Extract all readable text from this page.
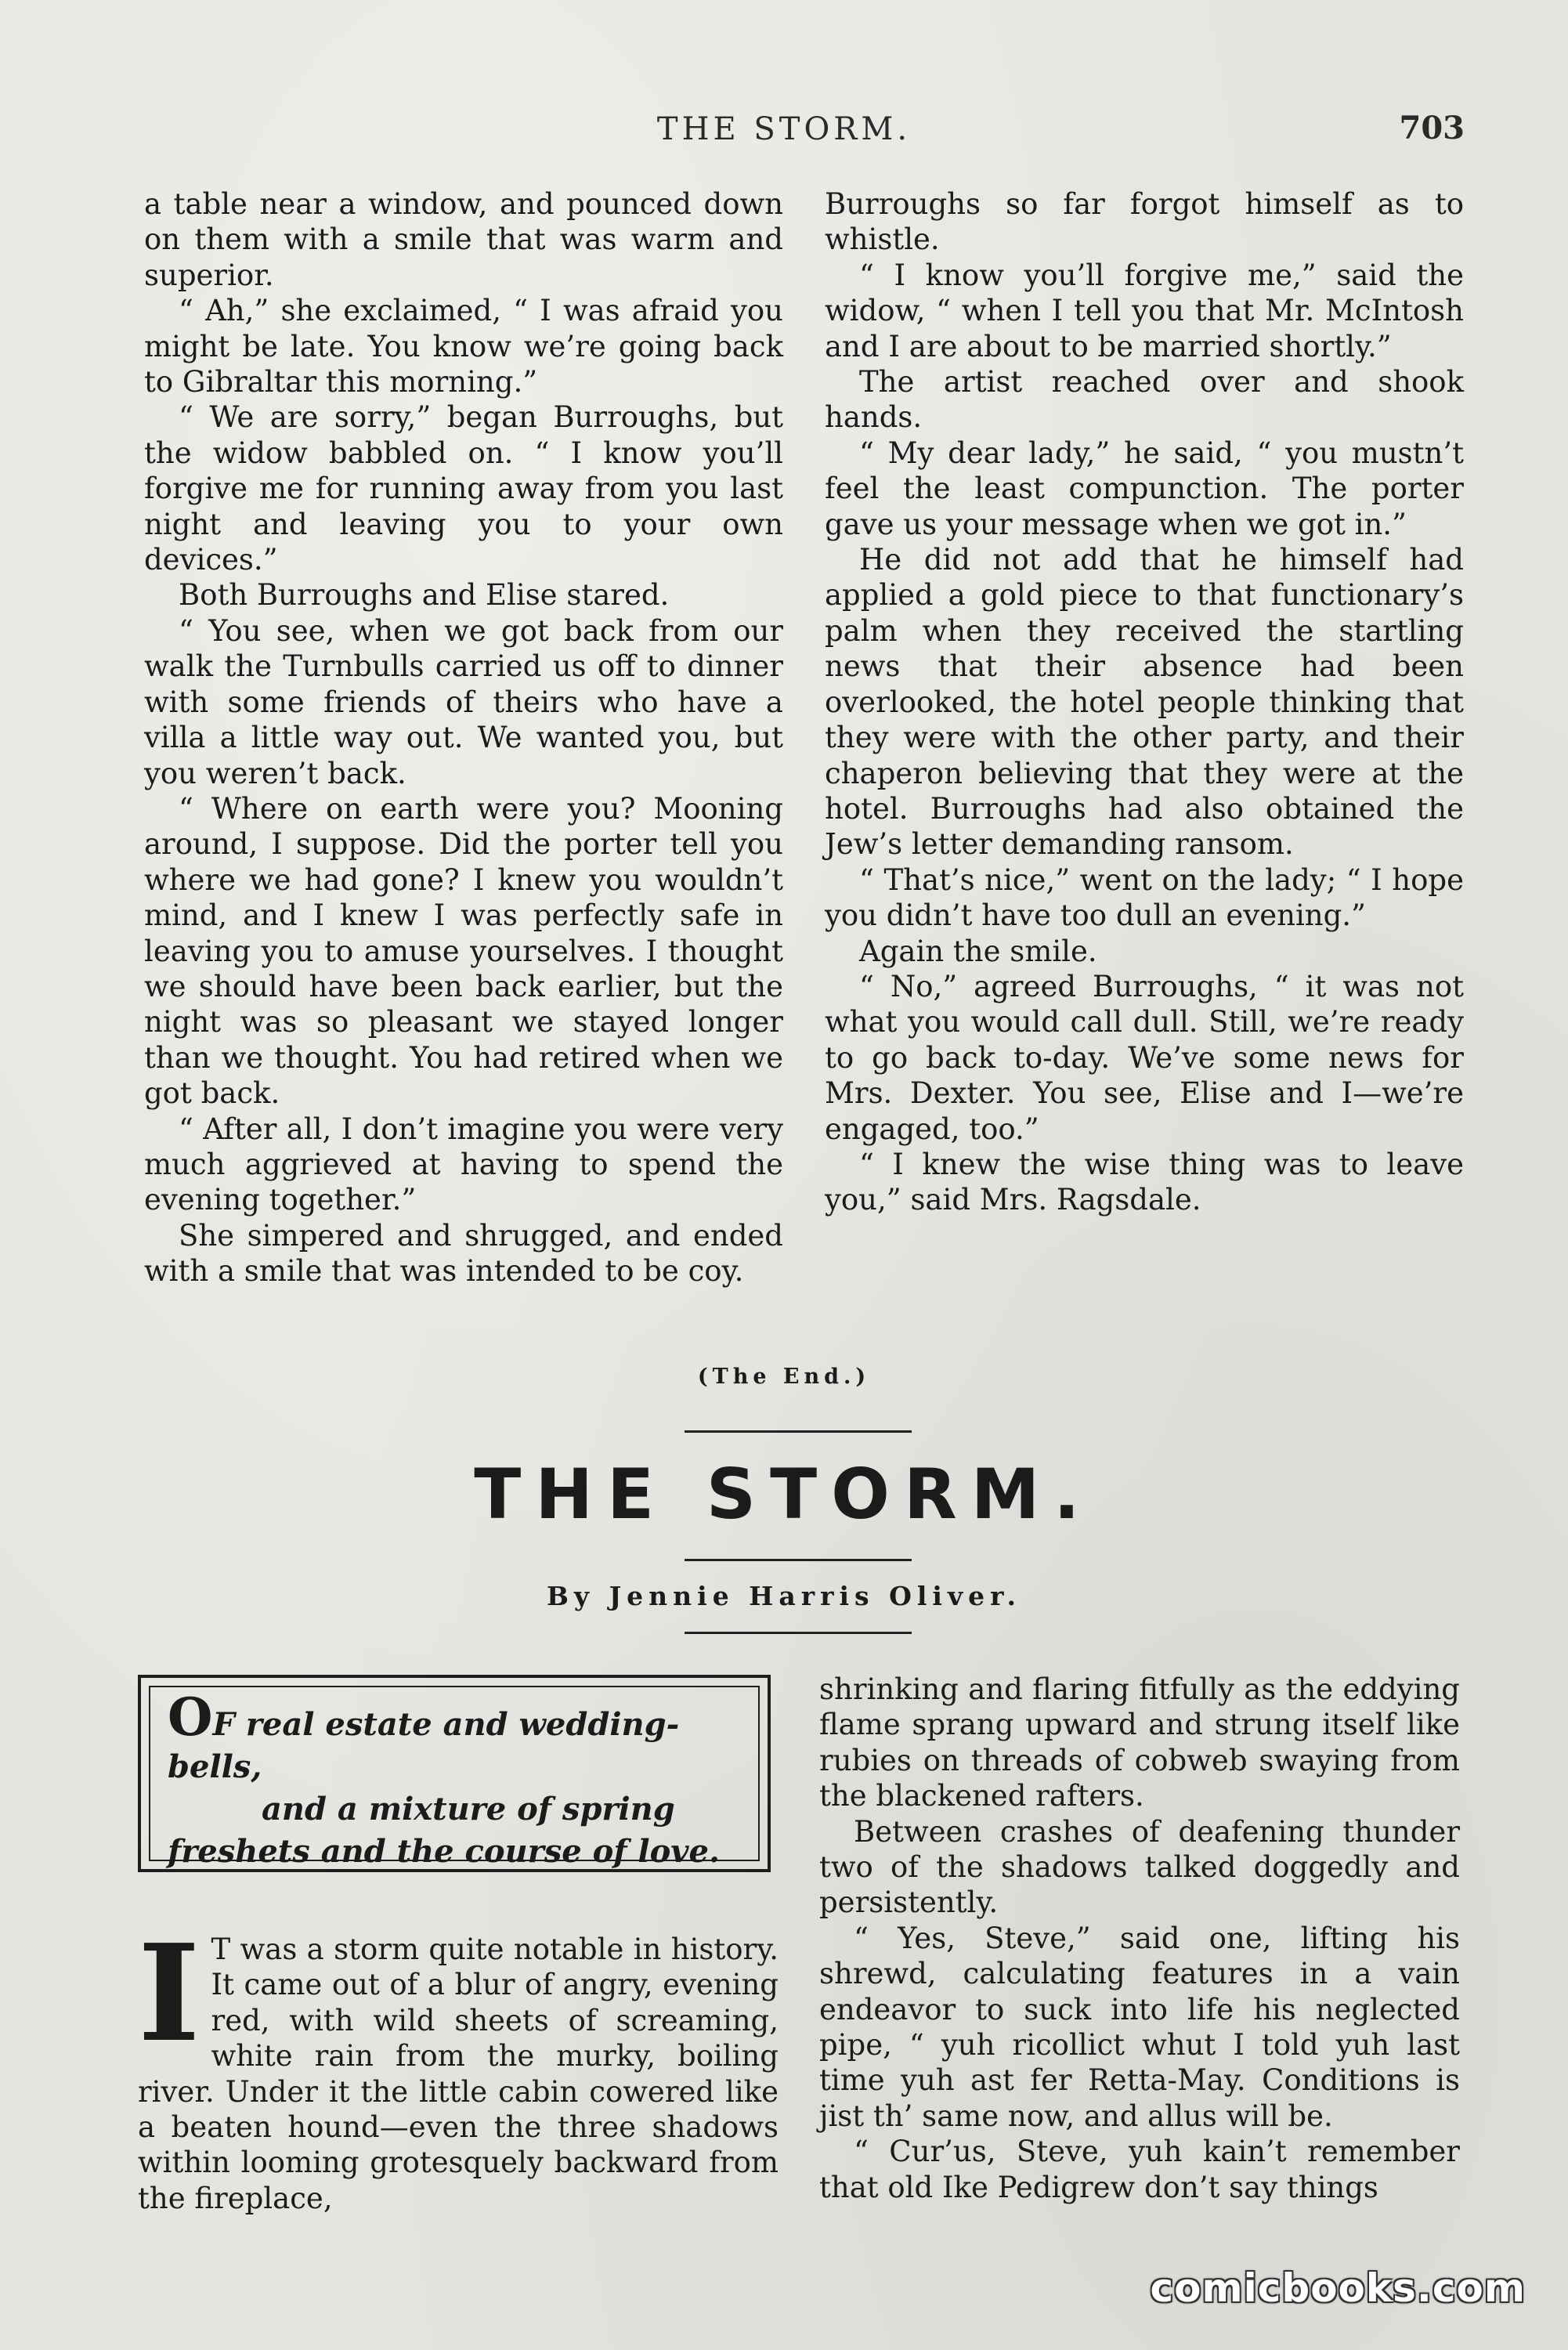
THE STORM.	703

a table near a window, and pounced down on them with a smile that was warm and superior.

“ Ah,” she exclaimed, “ I was afraid you might be late. You know we’re going back to Gibraltar this morning.”

“ We are sorry,” began Burroughs, but the widow babbled on. “ I know you’ll forgive me for running away from you last night and leaving you to your own devices.”

Both Burroughs and Elise stared.

“ You see, when we got back from our walk the Turnbulls carried us off to dinner with some friends of theirs who have a villa a little way out. We wanted you, but you weren’t back.

“ Where on earth were you? Mooning around, I suppose. Did the porter tell you where we had gone? I knew you wouldn’t mind, and I knew I was perfectly safe in leaving you to amuse yourselves. I thought we should have been back earlier, but the night was so pleasant we stayed longer than we thought. You had retired when we got back.

“ After all, I don’t imagine you were very much aggrieved at having to spend the evening together.”

She simpered and shrugged, and ended with a smile that was intended to be coy.

Burroughs so far forgot himself as to whistle.

“ I know you’ll forgive me,” said the widow, “ when I tell you that Mr. McIntosh and I are about to be married shortly.”

The artist reached over and shook hands.

“ My dear lady,” he said, “ you mustn’t feel the least compunction. The porter gave us your message when we got in.”

He did not add that he himself had applied a gold piece to that functionary’s palm when they received the startling news that their absence had been overlooked, the hotel people thinking that they were with the other party, and their chaperon believing that they were at the hotel. Burroughs had also obtained the Jew’s letter demanding ransom.

“ That’s nice,” went on the lady; “ I hope you didn’t have too dull an evening.”

Again the smile.

“ No,” agreed Burroughs, “ it was not what you would call dull. Still, we’re ready to go back to-day. We’ve some news for Mrs. Dexter. You see, Elise and I—we’re engaged, too.”

“ I knew the wise thing was to leave you,” said Mrs. Ragsdale.

(The End.)
THE STORM.
By Jennie Harris Oliver.
OF real estate and wedding-bells,
and a mixture of spring
freshets and the course of love.
I T was a storm quite notable in history. It came out of a blur of angry, evening red, with wild sheets of screaming, white rain from the murky, boiling river. Under it the little cabin cowered like a beaten hound—even the three shadows within looming grotesquely backward from the fireplace,

shrinking and flaring fitfully as the eddying flame sprang upward and strung itself like rubies on threads of cobweb swaying from the blackened rafters.

Between crashes of deafening thunder two of the shadows talked doggedly and persistently.

“ Yes, Steve,” said one, lifting his shrewd, calculating features in a vain endeavor to suck into life his neglected pipe, “ yuh ricollict whut I told yuh last time yuh ast fer Retta-May. Conditions is jist th’ same now, and allus will be.

“ Cur’us, Steve, yuh kain’t remember that old Ike Pedigrew don’t say things

comicbooks.com
